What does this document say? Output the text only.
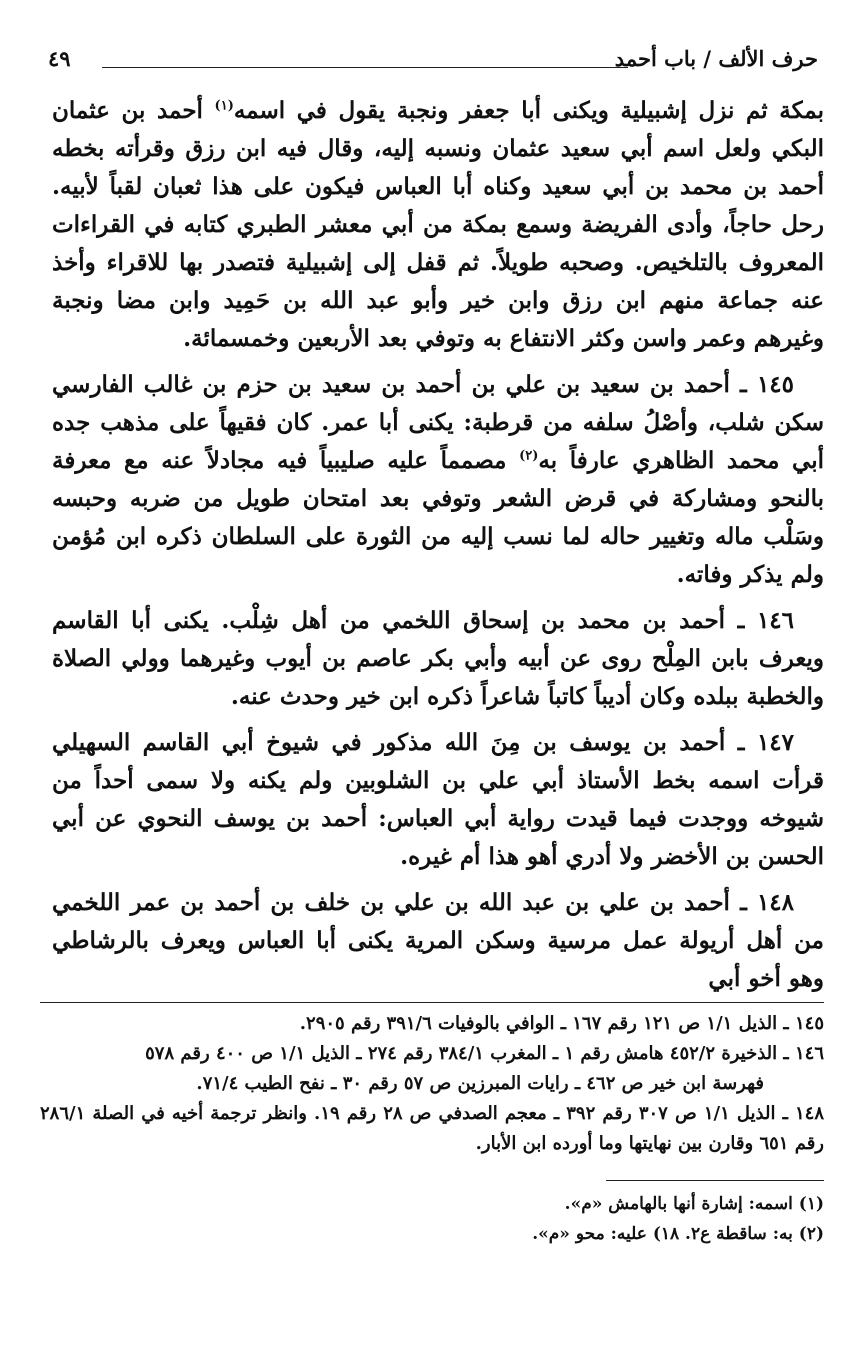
حرف الألف / باب أحمد
٤٩

بمكة ثم نزل إشبيلية ويكنى أبا جعفر ونجبة يقول في اسمه$^{(١)}$ أحمد بن عثمان البكي ولعل اسم أبي سعيد عثمان ونسبه إليه، وقال فيه ابن رزق وقرأته بخطه أحمد بن محمد بن أبي سعيد وكناه أبا العباس فيكون على هذا ثعبان لقباً لأبيه. رحل حاجاً، وأدى الفريضة وسمع بمكة من أبي معشر الطبري كتابه في القراءات المعروف بالتلخيص. وصحبه طويلاً. ثم قفل إلى إشبيلية فتصدر بها للاقراء وأخذ عنه جماعة منهم ابن رزق وابن خير وأبو عبد الله بن حَمِيد وابن مضا ونجبة وغيرهم وعمر واسن وكثر الانتفاع به وتوفي بعد الأربعين وخمسمائة.

١٤٥ ـ أحمد بن سعيد بن علي بن أحمد بن سعيد بن حزم بن غالب الفارسي سكن شلب، وأصْلُ سلفه من قرطبة: يكنى أبا عمر. كان فقيهاً على مذهب جده أبي محمد الظاهري عارفاً به$^{(٢)}$ مصمماً عليه صليبياً فيه مجادلاً عنه مع معرفة بالنحو ومشاركة في قرض الشعر وتوفي بعد امتحان طويل من ضربه وحبسه وسَلْب ماله وتغيير حاله لما نسب إليه من الثورة على السلطان ذكره ابن مُؤمن ولم يذكر وفاته.

١٤٦ ـ أحمد بن محمد بن إسحاق اللخمي من أهل شِلْب. يكنى أبا القاسم ويعرف بابن المِلْح روى عن أبيه وأبي بكر عاصم بن أيوب وغيرهما وولي الصلاة والخطبة ببلده وكان أديباً كاتباً شاعراً ذكره ابن خير وحدث عنه.

١٤٧ ـ أحمد بن يوسف بن مِنَ الله مذكور في شيوخ أبي القاسم السهيلي قرأت اسمه بخط الأستاذ أبي علي بن الشلوبين ولم يكنه ولا سمى أحداً من شيوخه ووجدت فيما قيدت رواية أبي العباس: أحمد بن يوسف النحوي عن أبي الحسن بن الأخضر ولا أدري أهو هذا أم غيره.

١٤٨ ـ أحمد بن علي بن عبد الله بن علي بن خلف بن أحمد بن عمر اللخمي من أهل أريولة عمل مرسية وسكن المرية يكنى أبا العباس ويعرف بالرشاطي وهو أخو أبي

١٤٥ ـ الذيل ١/١ ص ١٢١ رقم ١٦٧ ـ الوافي بالوفيات ٣٩١/٦ رقم ٢٩٠٥.

١٤٦ ـ الذخيرة ٤٥٢/٢ هامش رقم ١ ـ المغرب ٣٨٤/١ رقم ٢٧٤ ـ الذيل ١/١ ص ٤٠٠ رقم ٥٧٨

فهرسة ابن خير ص ٤٦٢ ـ رايات المبرزين ص ٥٧ رقم ٣٠ ـ نفح الطيب ٧١/٤.

١٤٨ ـ الذيل ١/١ ص ٣٠٧ رقم ٣٩٢ ـ معجم الصدفي ص ٢٨ رقم ١٩. وانظر ترجمة أخيه في الصلة ٢٨٦/١ رقم ٦٥١ وقارن بين نهايتها وما أورده ابن الأبار.

(١) اسمه: إشارة أنها بالهامش «م».

(٢) به: ساقطة ع٢. ١٨) عليه: محو «م».
